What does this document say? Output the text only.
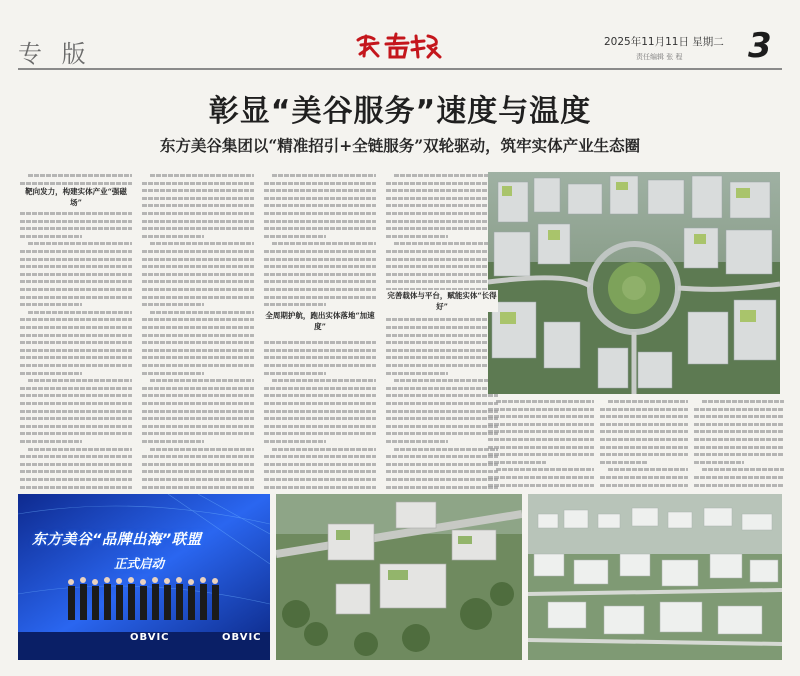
专 版	2025年11月11日 星期二
责任编辑 张 程 3
彰显“美谷服务”速度与温度
东方美谷集团以“精准招引+全链服务”双轮驱动，筑牢实体产业生态圈
靶向发力，构建实体产业“强磁场”
全周期护航，跑出实体落地“加速度”
完善载体与平台，赋能实体“长得好”
东方美谷“品牌出海”联盟
正式启动
OBVIC	OBVIC
